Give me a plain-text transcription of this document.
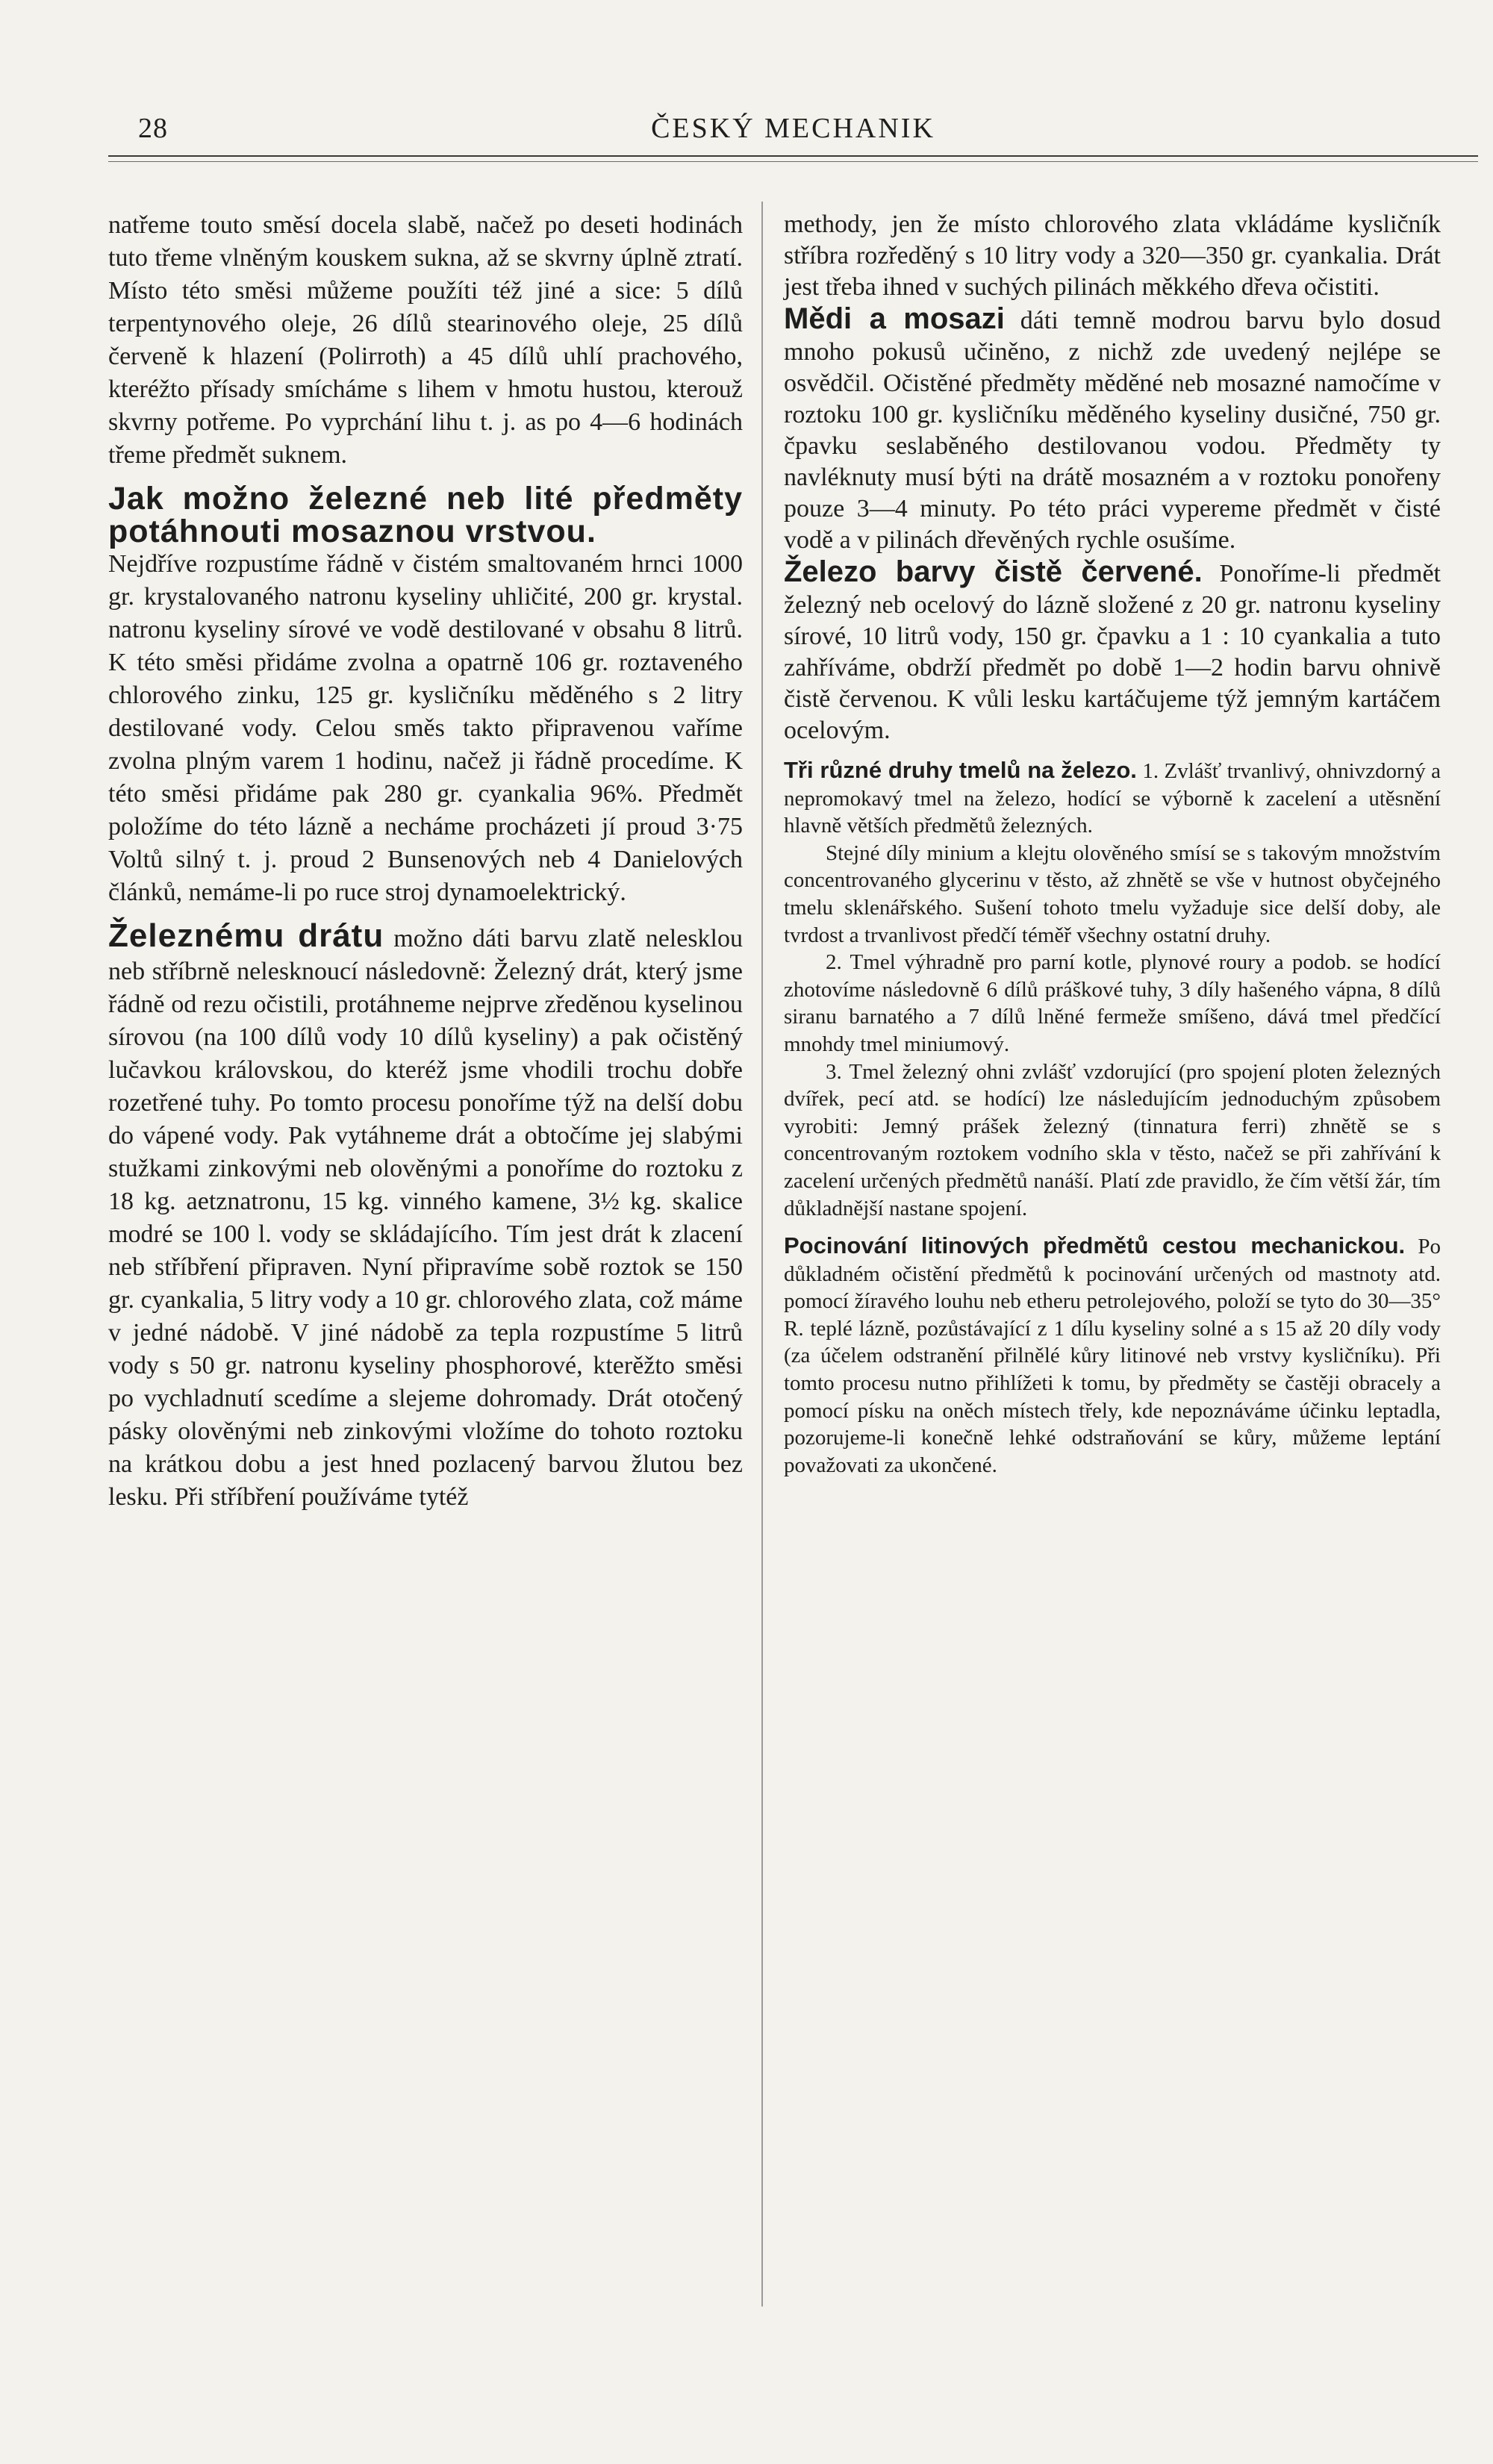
28	ČESKÝ MECHANIK

natřeme touto směsí docela slabě, načež po deseti hodinách tuto třeme vlněným kouskem sukna, až se skvrny úplně ztratí. Místo této směsi můžeme použíti též jiné a sice: 5 dílů terpentynového oleje, 26 dílů stearinového oleje, 25 dílů červeně k hlazení (Polirroth) a 45 dílů uhlí prachového, kteréžto přísady smícháme s lihem v hmotu hustou, kterouž skvrny potřeme. Po vyprchání lihu t. j. as po 4—6 hodinách třeme předmět suknem.

Jak možno železné neb lité předměty potáhnouti mosaznou vrstvou.

Nejdříve rozpustíme řádně v čistém smaltovaném hrnci 1000 gr. krystalovaného natronu kyseliny uhličité, 200 gr. krystal. natronu kyseliny sírové ve vodě destilované v obsahu 8 litrů. K této směsi přidáme zvolna a opatrně 106 gr. roztaveného chlorového zinku, 125 gr. kysličníku měděného s 2 litry destilované vody. Celou směs takto připravenou vaříme zvolna plným varem 1 hodinu, načež ji řádně procedíme. K této směsi přidáme pak 280 gr. cyankalia 96%. Předmět položíme do této lázně a necháme procházeti jí proud 3·75 Voltů silný t. j. proud 2 Bunsenových neb 4 Danielových článků, nemáme-li po ruce stroj dynamoelektrický.

Železnému drátu možno dáti barvu zlatě nelesklou neb stříbrně nelesknoucí následovně: Železný drát, který jsme řádně od rezu očistili, protáhneme nejprve zředěnou kyselinou sírovou (na 100 dílů vody 10 dílů kyseliny) a pak očistěný lučavkou královskou, do kteréž jsme vhodili trochu dobře rozetřené tuhy. Po tomto procesu ponoříme týž na delší dobu do vápené vody. Pak vytáhneme drát a obtočíme jej slabými stužkami zinkovými neb olověnými a ponoříme do roztoku z 18 kg. aetznatronu, 15 kg. vinného kamene, 3½ kg. skalice modré se 100 l. vody se skládajícího. Tím jest drát k zlacení neb stříbření připraven. Nyní připravíme sobě roztok se 150 gr. cyankalia, 5 litry vody a 10 gr. chlorového zlata, což máme v jedné nádobě. V jiné nádobě za tepla rozpustíme 5 litrů vody s 50 gr. natronu kyseliny phosphorové, kterěžto směsi po vychladnutí scedíme a slejeme dohromady. Drát otočený pásky olověnými neb zinkovými vložíme do tohoto roztoku na krátkou dobu a jest hned pozlacený barvou žlutou bez lesku. Při stříbření používáme tytéž

methody, jen že místo chlorového zlata vkládáme kysličník stříbra rozředěný s 10 litry vody a 320—350 gr. cyankalia. Drát jest třeba ihned v suchých pilinách měkkého dřeva očistiti.

Mědi a mosazi dáti temně modrou barvu bylo dosud mnoho pokusů učiněno, z nichž zde uvedený nejlépe se osvědčil. Očistěné předměty měděné neb mosazné namočíme v roztoku 100 gr. kysličníku měděného kyseliny dusičné, 750 gr. čpavku seslaběného destilovanou vodou. Předměty ty navléknuty musí býti na drátě mosazném a v roztoku ponořeny pouze 3—4 minuty. Po této práci vypereme předmět v čisté vodě a v pilinách dřevěných rychle osušíme.

Železo barvy čistě červené. Ponoříme-li předmět železný neb ocelový do lázně složené z 20 gr. natronu kyseliny sírové, 10 litrů vody, 150 gr. čpavku a 1 : 10 cyankalia a tuto zahříváme, obdrží předmět po době 1—2 hodin barvu ohnivě čistě červenou. K vůli lesku kartáčujeme týž jemným kartáčem ocelovým.

Tři různé druhy tmelů na železo. 1. Zvlášť trvanlivý, ohnivzdorný a nepromokavý tmel na železo, hodící se výborně k zacelení a utěsnění hlavně větších předmětů železných.

Stejné díly minium a klejtu olověného smísí se s takovým množstvím concentrovaného glycerinu v těsto, až zhnětě se vše v hutnost obyčejného tmelu sklenářského. Sušení tohoto tmelu vyžaduje sice delší doby, ale tvrdost a trvanlivost předčí téměř všechny ostatní druhy.

2. Tmel výhradně pro parní kotle, plynové roury a podob. se hodící zhotovíme následovně 6 dílů práškové tuhy, 3 díly hašeného vápna, 8 dílů siranu barnatého a 7 dílů lněné fermeže smíšeno, dává tmel předčící mnohdy tmel miniumový.

3. Tmel železný ohni zvlášť vzdorující (pro spojení ploten železných dvířek, pecí atd. se hodící) lze následujícím jednoduchým způsobem vyrobiti: Jemný prášek železný (tinnatura ferri) zhnětě se s concentrovaným roztokem vodního skla v těsto, načež se při zahřívání k zacelení určených předmětů nanáší. Platí zde pravidlo, že čím větší žár, tím důkladnější nastane spojení.

Pocinování litinových předmětů cestou mechanickou. Po důkladném očistění předmětů k pocinování určených od mastnoty atd. pomocí žíravého louhu neb etheru petrolejového, položí se tyto do 30—35° R. teplé lázně, pozůstávající z 1 dílu kyseliny solné a s 15 až 20 díly vody (za účelem odstranění přilnělé kůry litinové neb vrstvy kysličníku). Při tomto procesu nutno přihlížeti k tomu, by předměty se častěji obracely a pomocí písku na oněch místech třely, kde nepoznáváme účinku leptadla, pozorujeme-li konečně lehké odstraňování se kůry, můžeme leptání považovati za ukončené.
